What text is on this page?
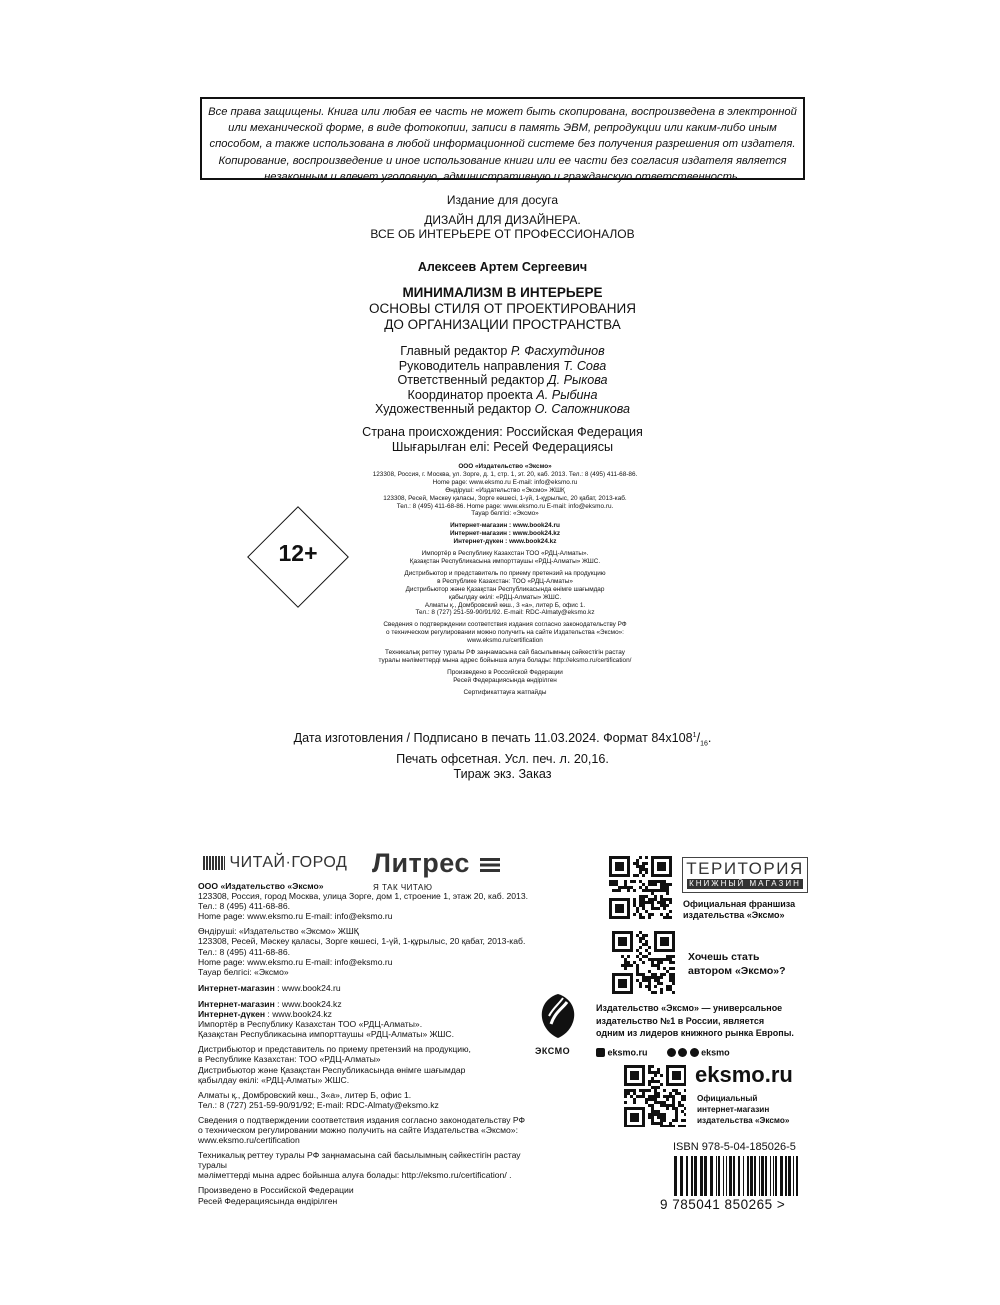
Все права защищены. Книга или любая ее часть не может быть скопирована, воспроизведена в электронной
или механической форме, в виде фотокопии, записи в память ЭВМ, репродукции или каким-либо иным
способом, а также использована в любой информационной системе без получения разрешения от издателя.
Копирование, воспроизведение и иное использование книги или ее части без согласия издателя является
незаконным и влечет уголовную, административную и гражданскую ответственность.
Издание для досуга
ДИЗАЙН ДЛЯ ДИЗАЙНЕРА.
ВСЕ ОБ ИНТЕРЬЕРЕ ОТ ПРОФЕССИОНАЛОВ
Алексеев Артем Сергеевич
МИНИМАЛИЗМ В ИНТЕРЬЕРЕ
ОСНОВЫ СТИЛЯ ОТ ПРОЕКТИРОВАНИЯ
ДО ОРГАНИЗАЦИИ ПРОСТРАНСТВА
Главный редактор Р. Фасхутдинов
Руководитель направления Т. Сова
Ответственный редактор Д. Рыкова
Координатор проекта А. Рыбина
Художественный редактор О. Сапожникова
Страна происхождения: Российская Федерация
Шығарылған елі: Ресей Федерациясы
ООО «Издательство «Эксмо»
123308, Россия, г. Москва, ул. Зорге, д. 1, стр. 1, эт. 20, каб. 2013. Тел.: 8 (495) 411-68-86.
Home page: www.eksmo.ru E-mail: info@eksmo.ru
Өндіруші: «Издательство «Эксмо» ЖШҚ
123308, Ресей, Мәскеу қаласы, Зорге көшесі, 1-үй, 1-құрылыс, 20 қабат, 2013-каб.
Тел.: 8 (495) 411-68-86. Home page: www.eksmo.ru E-mail: info@eksmo.ru.
Тауар белгісі: «Эксмо»
Интернет-магазин : www.book24.ru
Интернет-магазин : www.book24.kz
Интернет-дүкен : www.book24.kz
Импортёр в Республику Казахстан ТОО «РДЦ-Алматы».
Қазақстан Республикасына импорттаушы «РДЦ-Алматы» ЖШС.
Дистрибьютор и представитель по приему претензий на продукцию
в Республике Казахстан: ТОО «РДЦ-Алматы»
Дистрибьютор және Қазақстан Республикасында өнімге шағымдар
қабылдау өкілі: «РДЦ-Алматы» ЖШС.
Алматы қ., Домбровский көш., 3 «а», литер Б, офис 1.
Тел.: 8 (727) 251-59-90/91/92. E-mail: RDC-Almaty@eksmo.kz
Сведения о подтверждении соответствия издания согласно законодательству РФ
о техническом регулировании можно получить на сайте Издательства «Эксмо»:
www.eksmo.ru/certification
Техникалық реттеу туралы РФ заңнамасына сай басылымның сәйкестігін растау
туралы мәліметтерді мына адрес бойынша алуға болады: http://eksmo.ru/certification/
Произведено в Российской Федерации
Ресей Федерациясында өндірілген
Сертификаттауға жатпайды
12+
Дата изготовления / Подписано в печать 11.03.2024. Формат $84x108^1/_{16}$.
Печать офсетная. Усл. печ. л. 20,16.
Тираж экз. Заказ
ЧИТАЙ·ГОРОД Литрес
Я ТАК ЧИТАЮ
ООО «Издательство «Эксмо»
123308, Россия, город Москва, улица Зорге, дом 1, строение 1, этаж 20, каб. 2013.
Тел.: 8 (495) 411-68-86.
Home page: www.eksmo.ru E-mail: info@eksmo.ru
Өндіруші: «Издательство «Эксмо» ЖШҚ
123308, Ресей, Мәскеу қаласы, Зорге көшесі, 1-үй, 1-құрылыс, 20 қабат, 2013-каб.
Тел.: 8 (495) 411-68-86.
Home page: www.eksmo.ru E-mail: info@eksmo.ru
Тауар белгісі: «Эксмо»
Интернет-магазин : www.book24.ru
Интернет-магазин : www.book24.kz
Интернет-дүкен : www.book24.kz
Импортёр в Республику Казахстан ТОО «РДЦ-Алматы».
Қазақстан Республикасына импорттаушы «РДЦ-Алматы» ЖШС.
Дистрибьютор и представитель по приему претензий на продукцию,
в Республике Казахстан: ТОО «РДЦ-Алматы»
Дистрибьютор және Қазақстан Республикасында өнімге шағымдар
қабылдау өкілі: «РДЦ-Алматы» ЖШС.
Алматы қ., Домбровский көш., 3«а», литер Б, офис 1.
Тел.: 8 (727) 251-59-90/91/92; E-mail: RDC-Almaty@eksmo.kz
Сведения о подтверждении соответствия издания согласно законодательству РФ
о техническом регулировании можно получить на сайте Издательства «Эксмо»:
www.eksmo.ru/certification
Техникалық реттеу туралы РФ заңнамасына сай басылымның сәйкестігін растау туралы
мәліметтерді мына адрес бойынша алуға болады: http://eksmo.ru/certification/ .
Произведено в Российской Федерации
Ресей Федерациясында өндірілген
ТЕРИТОРИЯ
КНИЖНЫЙ МАГАЗИН
Официальная франшиза
издательства «Эксмо»
Хочешь стать
автором «Эксмо»?
ЭКСМО
Издательство «Эксмо» — универсальное
издательство №1 в России, является
одним из лидеров книжного рынка Европы.
eksmo.ru	eksmo
eksmo.ru
Официальный
интернет-магазин
издательства «Эксмо»
ISBN 978-5-04-185026-5
9 785041 850265 >
